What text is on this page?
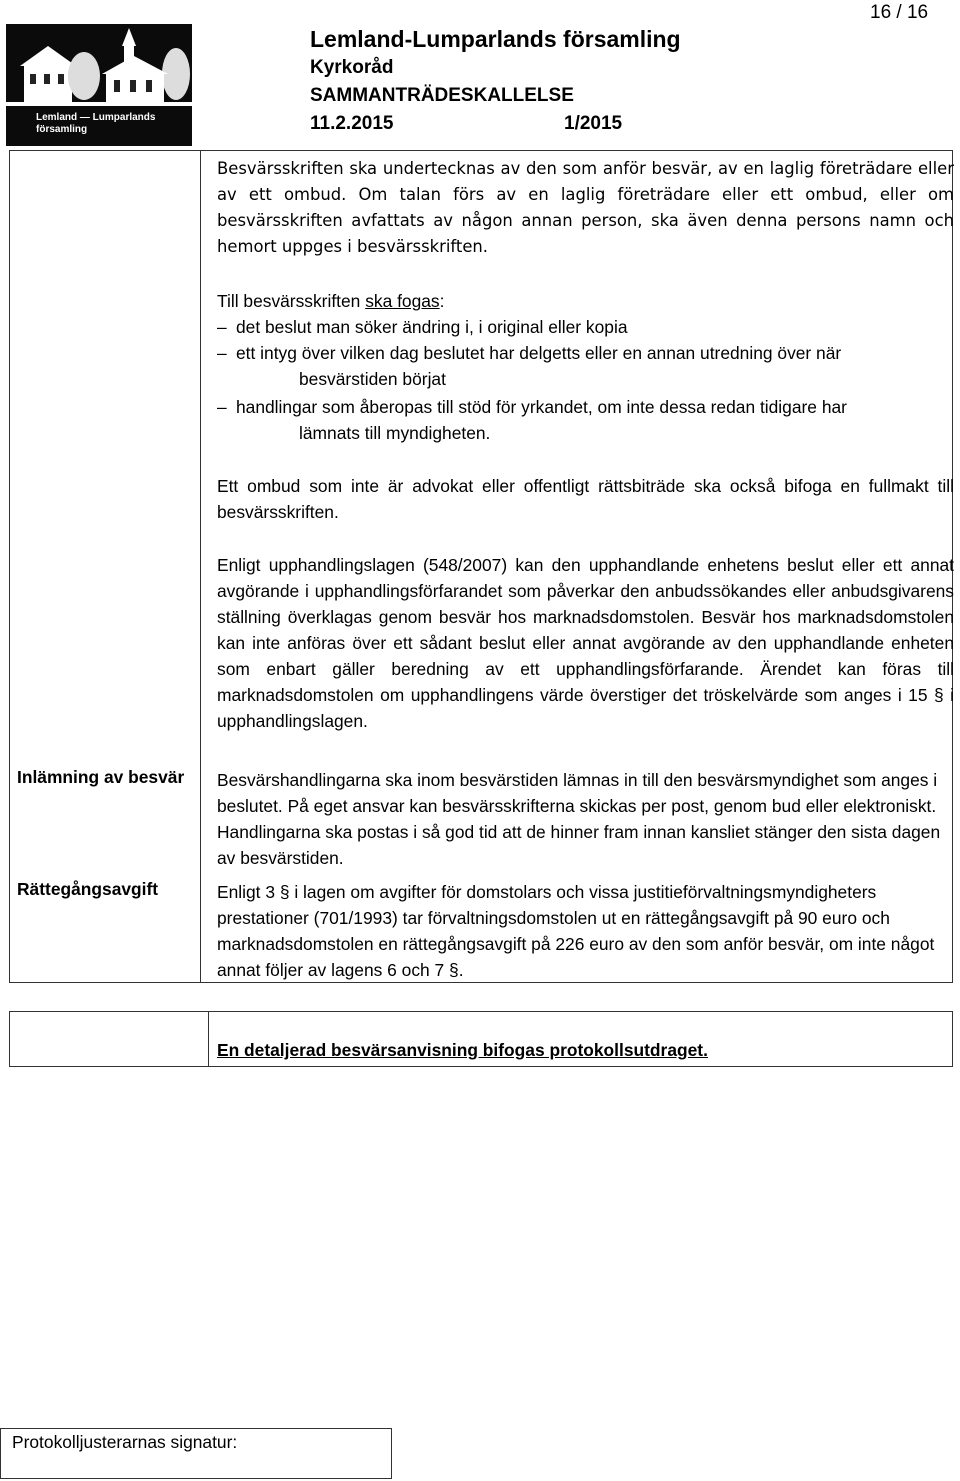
16 / 16
Lemland — Lumparlands
församling
Lemland-Lumparlands församling
Kyrkoråd
SAMMANTRÄDESKALLELSE
11.2.2015	1/2015
Besvärsskriften ska undertecknas av den som anför besvär, av en laglig företrädare eller av ett ombud. Om talan förs av en laglig företrädare eller ett ombud, eller om besvärsskriften avfattats av någon annan person, ska även denna persons namn och hemort uppges i besvärsskriften.
Till besvärsskriften ska fogas:
– det beslut man söker ändring i, i original eller kopia
– ett intyg över vilken dag beslutet har delgetts eller en annan utredning över när
besvärstiden börjat
– handlingar som åberopas till stöd för yrkandet, om inte dessa redan tidigare har
lämnats till myndigheten.
Ett ombud som inte är advokat eller offentligt rättsbiträde ska också bifoga en fullmakt till besvärsskriften.
Enligt upphandlingslagen (548/2007) kan den upphandlande enhetens beslut eller ett annat avgörande i upphandlingsförfarandet som påverkar den anbudssökandes eller anbudsgivarens ställning överklagas genom besvär hos marknadsdomstolen. Besvär hos marknadsdomstolen kan inte anföras över ett sådant beslut eller annat avgörande av den upphandlande enheten som enbart gäller beredning av ett upphandlingsförfarande. Ärendet kan föras till marknadsdomstolen om upphandlingens värde överstiger det tröskelvärde som anges i 15 § i upphandlingslagen.
Inlämning av besvär Besvärshandlingarna ska inom besvärstiden lämnas in till den besvärsmyndighet som anges i beslutet. På eget ansvar kan besvärsskrifterna skickas per post, genom bud eller elektroniskt. Handlingarna ska postas i så god tid att de hinner fram innan kansliet stänger den sista dagen av besvärstiden.
Rättegångsavgift	Enligt 3 § i lagen om avgifter för domstolars och vissa justitieförvaltningsmyndigheters prestationer (701/1993) tar förvaltningsdomstolen ut en rättegångsavgift på 90 euro och marknadsdomstolen en rättegångsavgift på 226 euro av den som anför besvär, om inte något annat följer av lagens 6 och 7 §.
En detaljerad besvärsanvisning bifogas protokollsutdraget.
Protokolljusterarnas signatur:
